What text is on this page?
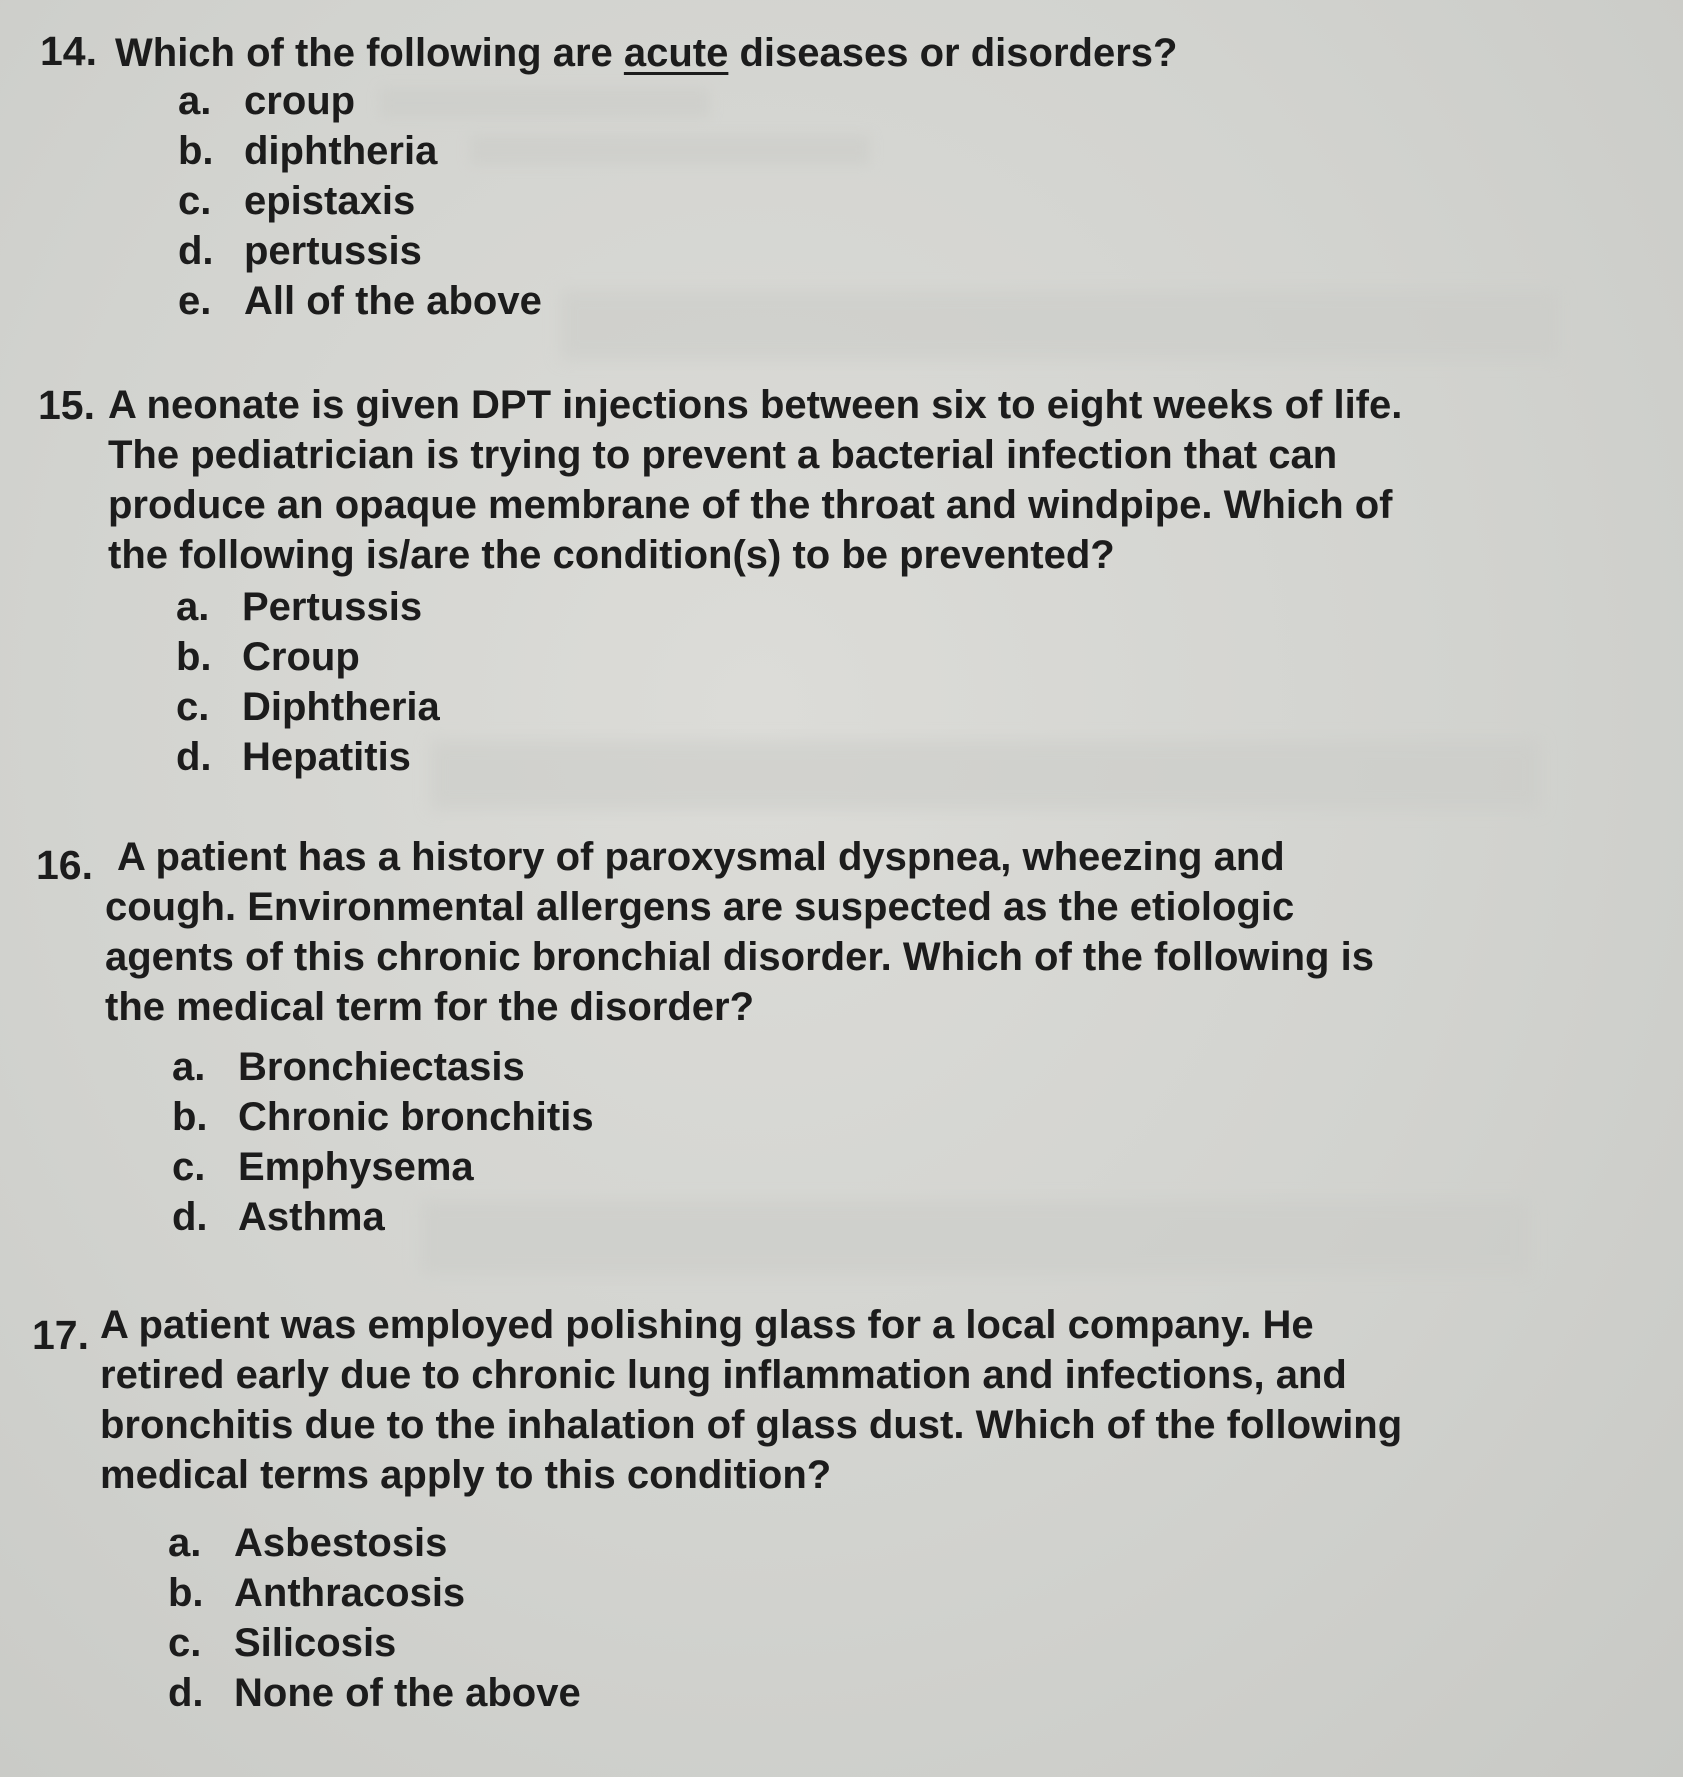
14. Which of the following are acute diseases or disorders?
a. croup
b. diphtheria
c. epistaxis
d. pertussis
e. All of the above
15. A neonate is given DPT injections between six to eight weeks of life.
The pediatrician is trying to prevent a bacterial infection that can
produce an opaque membrane of the throat and windpipe. Which of
the following is/are the condition(s) to be prevented?
a. Pertussis
b. Croup
c. Diphtheria
d. Hepatitis
16. A patient has a history of paroxysmal dyspnea, wheezing and
cough. Environmental allergens are suspected as the etiologic
agents of this chronic bronchial disorder. Which of the following is
the medical term for the disorder?
a. Bronchiectasis
b. Chronic bronchitis
c. Emphysema
d. Asthma
17. A patient was employed polishing glass for a local company. He
retired early due to chronic lung inflammation and infections, and
bronchitis due to the inhalation of glass dust. Which of the following
medical terms apply to this condition?
a. Asbestosis
b. Anthracosis
c. Silicosis
d. None of the above
